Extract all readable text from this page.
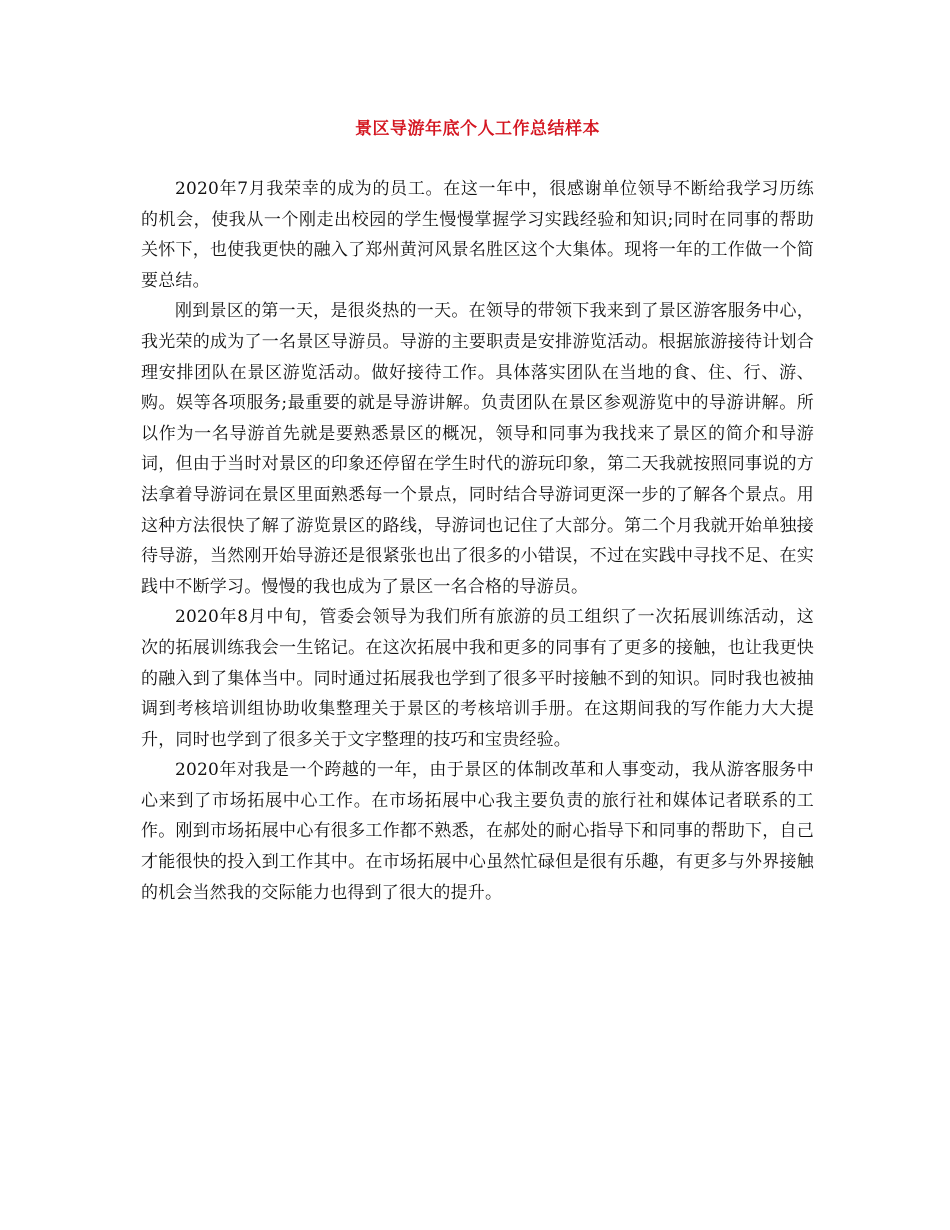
景区导游年底个人工作总结样本

2020年7月我荣幸的成为的员工。在这一年中，很感谢单位领导不断给我学习历练的机会，使我从一个刚走出校园的学生慢慢掌握学习实践经验和知识;同时在同事的帮助关怀下，也使我更快的融入了郑州黄河风景名胜区这个大集体。现将一年的工作做一个简要总结。

刚到景区的第一天，是很炎热的一天。在领导的带领下我来到了景区游客服务中心，我光荣的成为了一名景区导游员。导游的主要职责是安排游览活动。根据旅游接待计划合理安排团队在景区游览活动。做好接待工作。具体落实团队在当地的食、住、行、游、购。娱等各项服务;最重要的就是导游讲解。负责团队在景区参观游览中的导游讲解。所以作为一名导游首先就是要熟悉景区的概况，领导和同事为我找来了景区的简介和导游词，但由于当时对景区的印象还停留在学生时代的游玩印象，第二天我就按照同事说的方法拿着导游词在景区里面熟悉每一个景点，同时结合导游词更深一步的了解各个景点。用这种方法很快了解了游览景区的路线，导游词也记住了大部分。第二个月我就开始单独接待导游，当然刚开始导游还是很紧张也出了很多的小错误，不过在实践中寻找不足、在实践中不断学习。慢慢的我也成为了景区一名合格的导游员。

2020年8月中旬，管委会领导为我们所有旅游的员工组织了一次拓展训练活动，这次的拓展训练我会一生铭记。在这次拓展中我和更多的同事有了更多的接触，也让我更快的融入到了集体当中。同时通过拓展我也学到了很多平时接触不到的知识。同时我也被抽调到考核培训组协助收集整理关于景区的考核培训手册。在这期间我的写作能力大大提升，同时也学到了很多关于文字整理的技巧和宝贵经验。

2020年对我是一个跨越的一年，由于景区的体制改革和人事变动，我从游客服务中心来到了市场拓展中心工作。在市场拓展中心我主要负责的旅行社和媒体记者联系的工作。刚到市场拓展中心有很多工作都不熟悉，在郝处的耐心指导下和同事的帮助下，自己才能很快的投入到工作其中。在市场拓展中心虽然忙碌但是很有乐趣，有更多与外界接触的机会当然我的交际能力也得到了很大的提升。
